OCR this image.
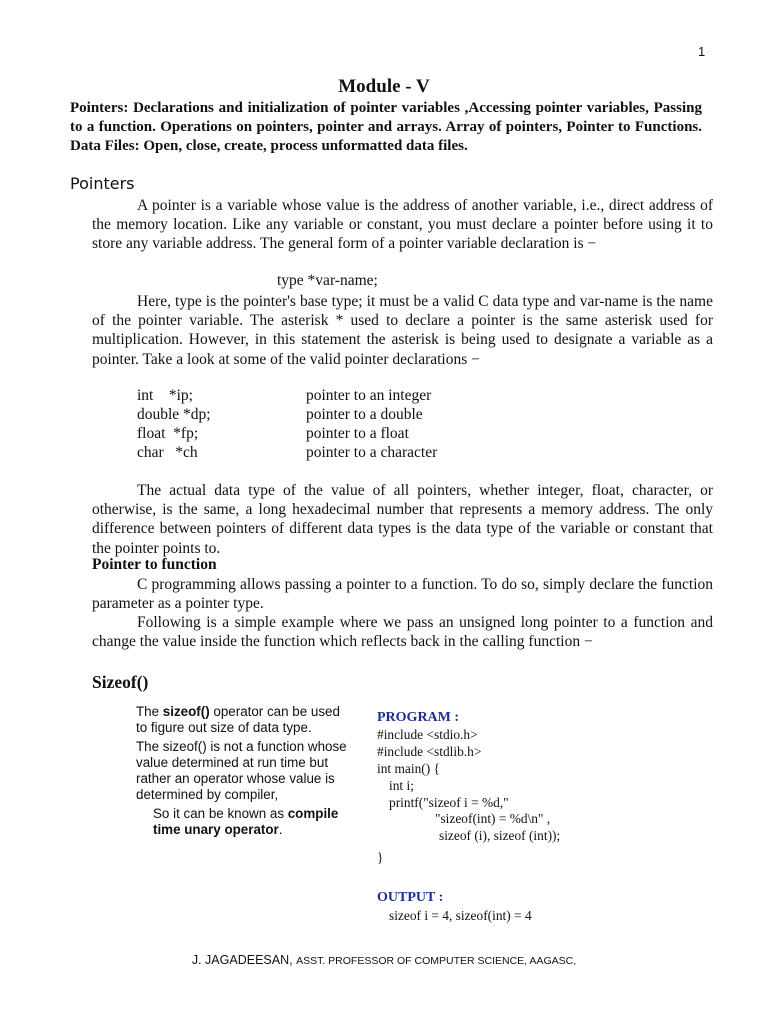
1
Module - V
Pointers: Declarations and initialization of pointer variables ,Accessing pointer variables, Passing to a function. Operations on pointers, pointer and arrays. Array of pointers, Pointer to Functions. Data Files: Open, close, create, process unformatted data files.
Pointers
A pointer is a variable whose value is the address of another variable, i.e., direct address of the memory location. Like any variable or constant, you must declare a pointer before using it to store any variable address. The general form of a pointer variable declaration is −
type *var-name;
Here, type is the pointer's base type; it must be a valid C data type and var-name is the name of the pointer variable. The asterisk * used to declare a pointer is the same asterisk used for multiplication. However, in this statement the asterisk is being used to designate a variable as a pointer. Take a look at some of the valid pointer declarations −
int    *ip;	pointer to an integer
double *dp;	pointer to a double
float  *fp;	pointer to a float
char   *ch	pointer to a character
The actual data type of the value of all pointers, whether integer, float, character, or otherwise, is the same, a long hexadecimal number that represents a memory address. The only difference between pointers of different data types is the data type of the variable or constant that the pointer points to.
Pointer to function
C programming allows passing a pointer to a function. To do so, simply declare the function parameter as a pointer type.
Following is a simple example where we pass an unsigned long pointer to a function and change the value inside the function which reflects back in the calling function −
Sizeof()

The sizeof() operator can be used to figure out size of data type.

The sizeof() is not a function whose value determined at run time but rather an operator whose value is determined by compiler,

So it can be known as compile time unary operator.

PROGRAM :
#include <stdio.h>
#include <stdlib.h>
int main() {
int i;
printf("sizeof i = %d,"
"sizeof(int) = %d\n" ,
sizeof (i), sizeof (int));
}
OUTPUT :
sizeof i = 4, sizeof(int) = 4
J. JAGADEESAN, ASST. PROFESSOR OF COMPUTER SCIENCE, AAGASC,
